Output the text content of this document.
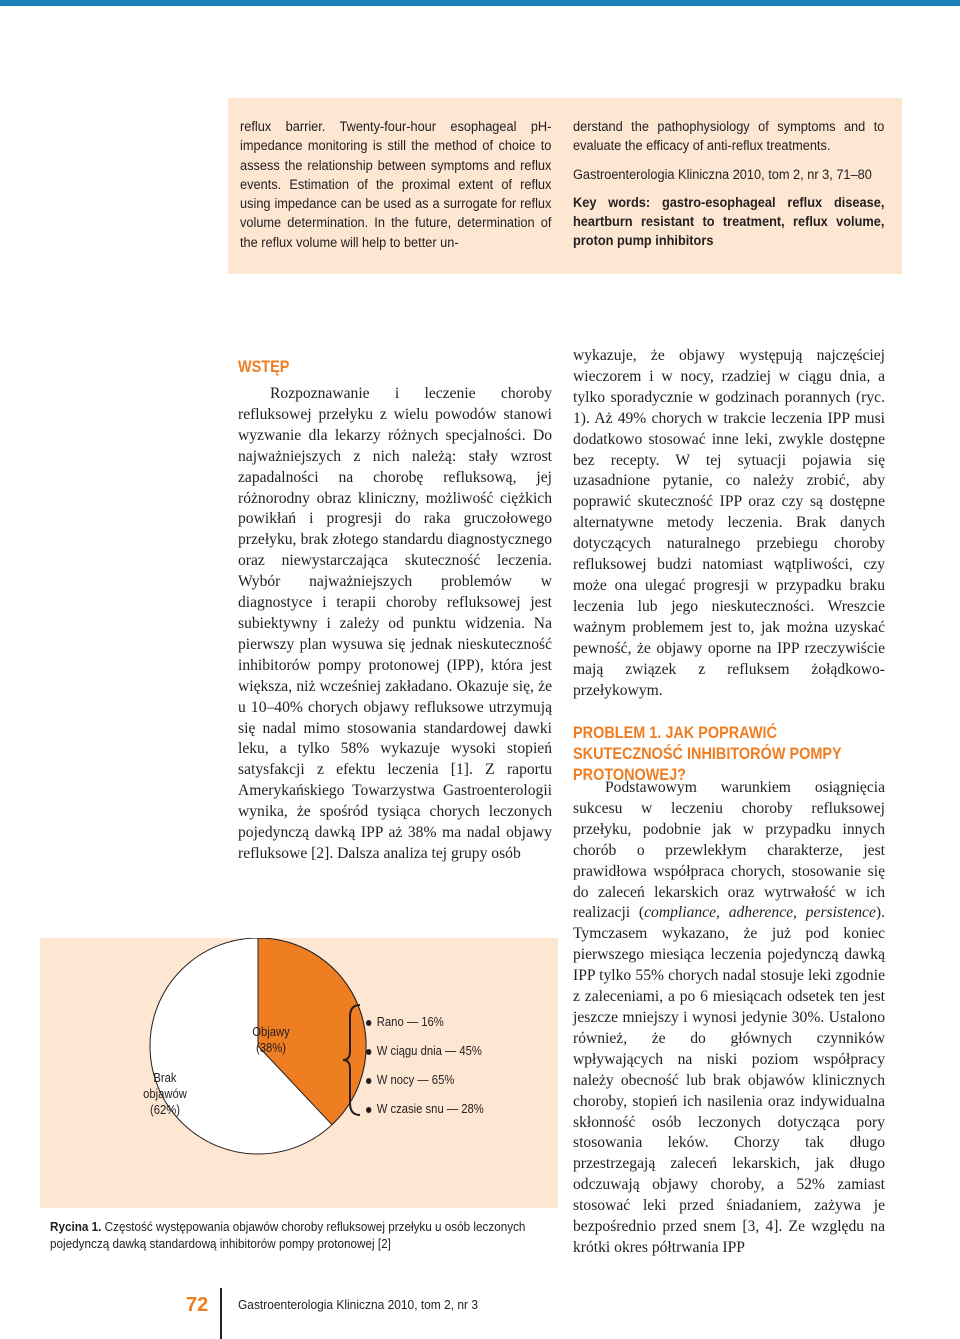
reflux barrier. Twenty-four-hour esophageal pH-impedance monitoring is still the method of choice to assess the relationship between symptoms and reflux events. Estimation of the proximal extent of reflux using impedance can be used as a surrogate for reflux volume determination. In the future, determination of the reflux volume will help to better un-

derstand the pathophysiology of symptoms and to evaluate the efficacy of anti-reflux treatments.

Gastroenterologia Kliniczna 2010, tom 2, nr 3, 71–80

Key words: gastro-esophageal reflux disease, heartburn resistant to treatment, reflux volume, proton pump inhibitors

WSTĘP

Rozpoznawanie i leczenie choroby refluksowej przełyku z wielu powodów stanowi wyzwanie dla lekarzy różnych specjalności. Do najważniejszych z nich należą: stały wzrost zapadalności na chorobę refluksową, jej różnorodny obraz kliniczny, możliwość ciężkich powikłań i progresji do raka gruczołowego przełyku, brak złotego standardu diagnostycznego oraz niewystarczająca skuteczność leczenia. Wybór najważniejszych problemów w diagnostyce i terapii choroby refluksowej jest subiektywny i zależy od punktu widzenia. Na pierwszy plan wysuwa się jednak nieskuteczność inhibitorów pompy protonowej (IPP), która jest większa, niż wcześniej zakładano. Okazuje się, że u 10–40% chorych objawy refluksowe utrzymują się nadal mimo stosowania standardowej dawki leku, a tylko 58% wykazuje wysoki stopień satysfakcji z efektu leczenia [1]. Z raportu Amerykańskiego Towarzystwa Gastroenterologii wynika, że spośród tysiąca chorych leczonych pojedynczą dawką IPP aż 38% ma nadal objawy refluksowe [2]. Dalsza analiza tej grupy osób

wykazuje, że objawy występują najczęściej wieczorem i w nocy, rzadziej w ciągu dnia, a tylko sporadycznie w godzinach porannych (ryc. 1). Aż 49% chorych w trakcie leczenia IPP musi dodatkowo stosować inne leki, zwykle dostępne bez recepty. W tej sytuacji pojawia się uzasadnione pytanie, co należy zrobić, aby poprawić skuteczność IPP oraz czy są dostępne alternatywne metody leczenia. Brak danych dotyczących naturalnego przebiegu choroby refluksowej budzi natomiast wątpliwości, czy może ona ulegać progresji w przypadku braku leczenia lub jego nieskuteczności. Wreszcie ważnym problemem jest to, jak można uzyskać pewność, że objawy oporne na IPP rzeczywiście mają związek z refluksem żołądkowo-przełykowym.

PROBLEM 1. JAK POPRAWIĆ SKUTECZNOŚĆ INHIBITORÓW POMPY PROTONOWEJ?

Podstawowym warunkiem osiągnięcia sukcesu w leczeniu choroby refluksowej przełyku, podobnie jak w przypadku innych chorób o przewlekłym charakterze, jest prawidłowa współpraca chorych, stosowanie się do zaleceń lekarskich oraz wytrwałość w ich realizacji (compliance, adherence, persistence). Tymczasem wykazano, że już pod koniec pierwszego miesiąca leczenia pojedynczą dawką IPP tylko 55% chorych nadal stosuje leki zgodnie z zaleceniami, a po 6 miesiącach odsetek ten jest jeszcze mniejszy i wynosi jedynie 30%. Ustalono również, że do głównych czynników wpływających na niski poziom współpracy należy obecność lub brak objawów klinicznych choroby, stopień ich nasilenia oraz indywidualna skłonność osób leczonych dotycząca pory stosowania leków. Chorzy tak długo przestrzegają zaleceń lekarskich, jak długo odczuwają objawy choroby, a 52% zamiast stosować leki przed śniadaniem, zażywa je bezpośrednio przed snem [3, 4]. Ze względu na krótki okres półtrwania IPP

Objawy
(38%)
Brak
objawów
(62%)
Rano — 16%
W ciągu dnia — 45%
W nocy — 65%
W czasie snu — 28%
Rycina 1. Częstość występowania objawów choroby refluksowej przełyku u osób leczonych pojedynczą dawką standardową inhibitorów pompy protonowej [2]
72	Gastroenterologia Kliniczna 2010, tom 2, nr 3
